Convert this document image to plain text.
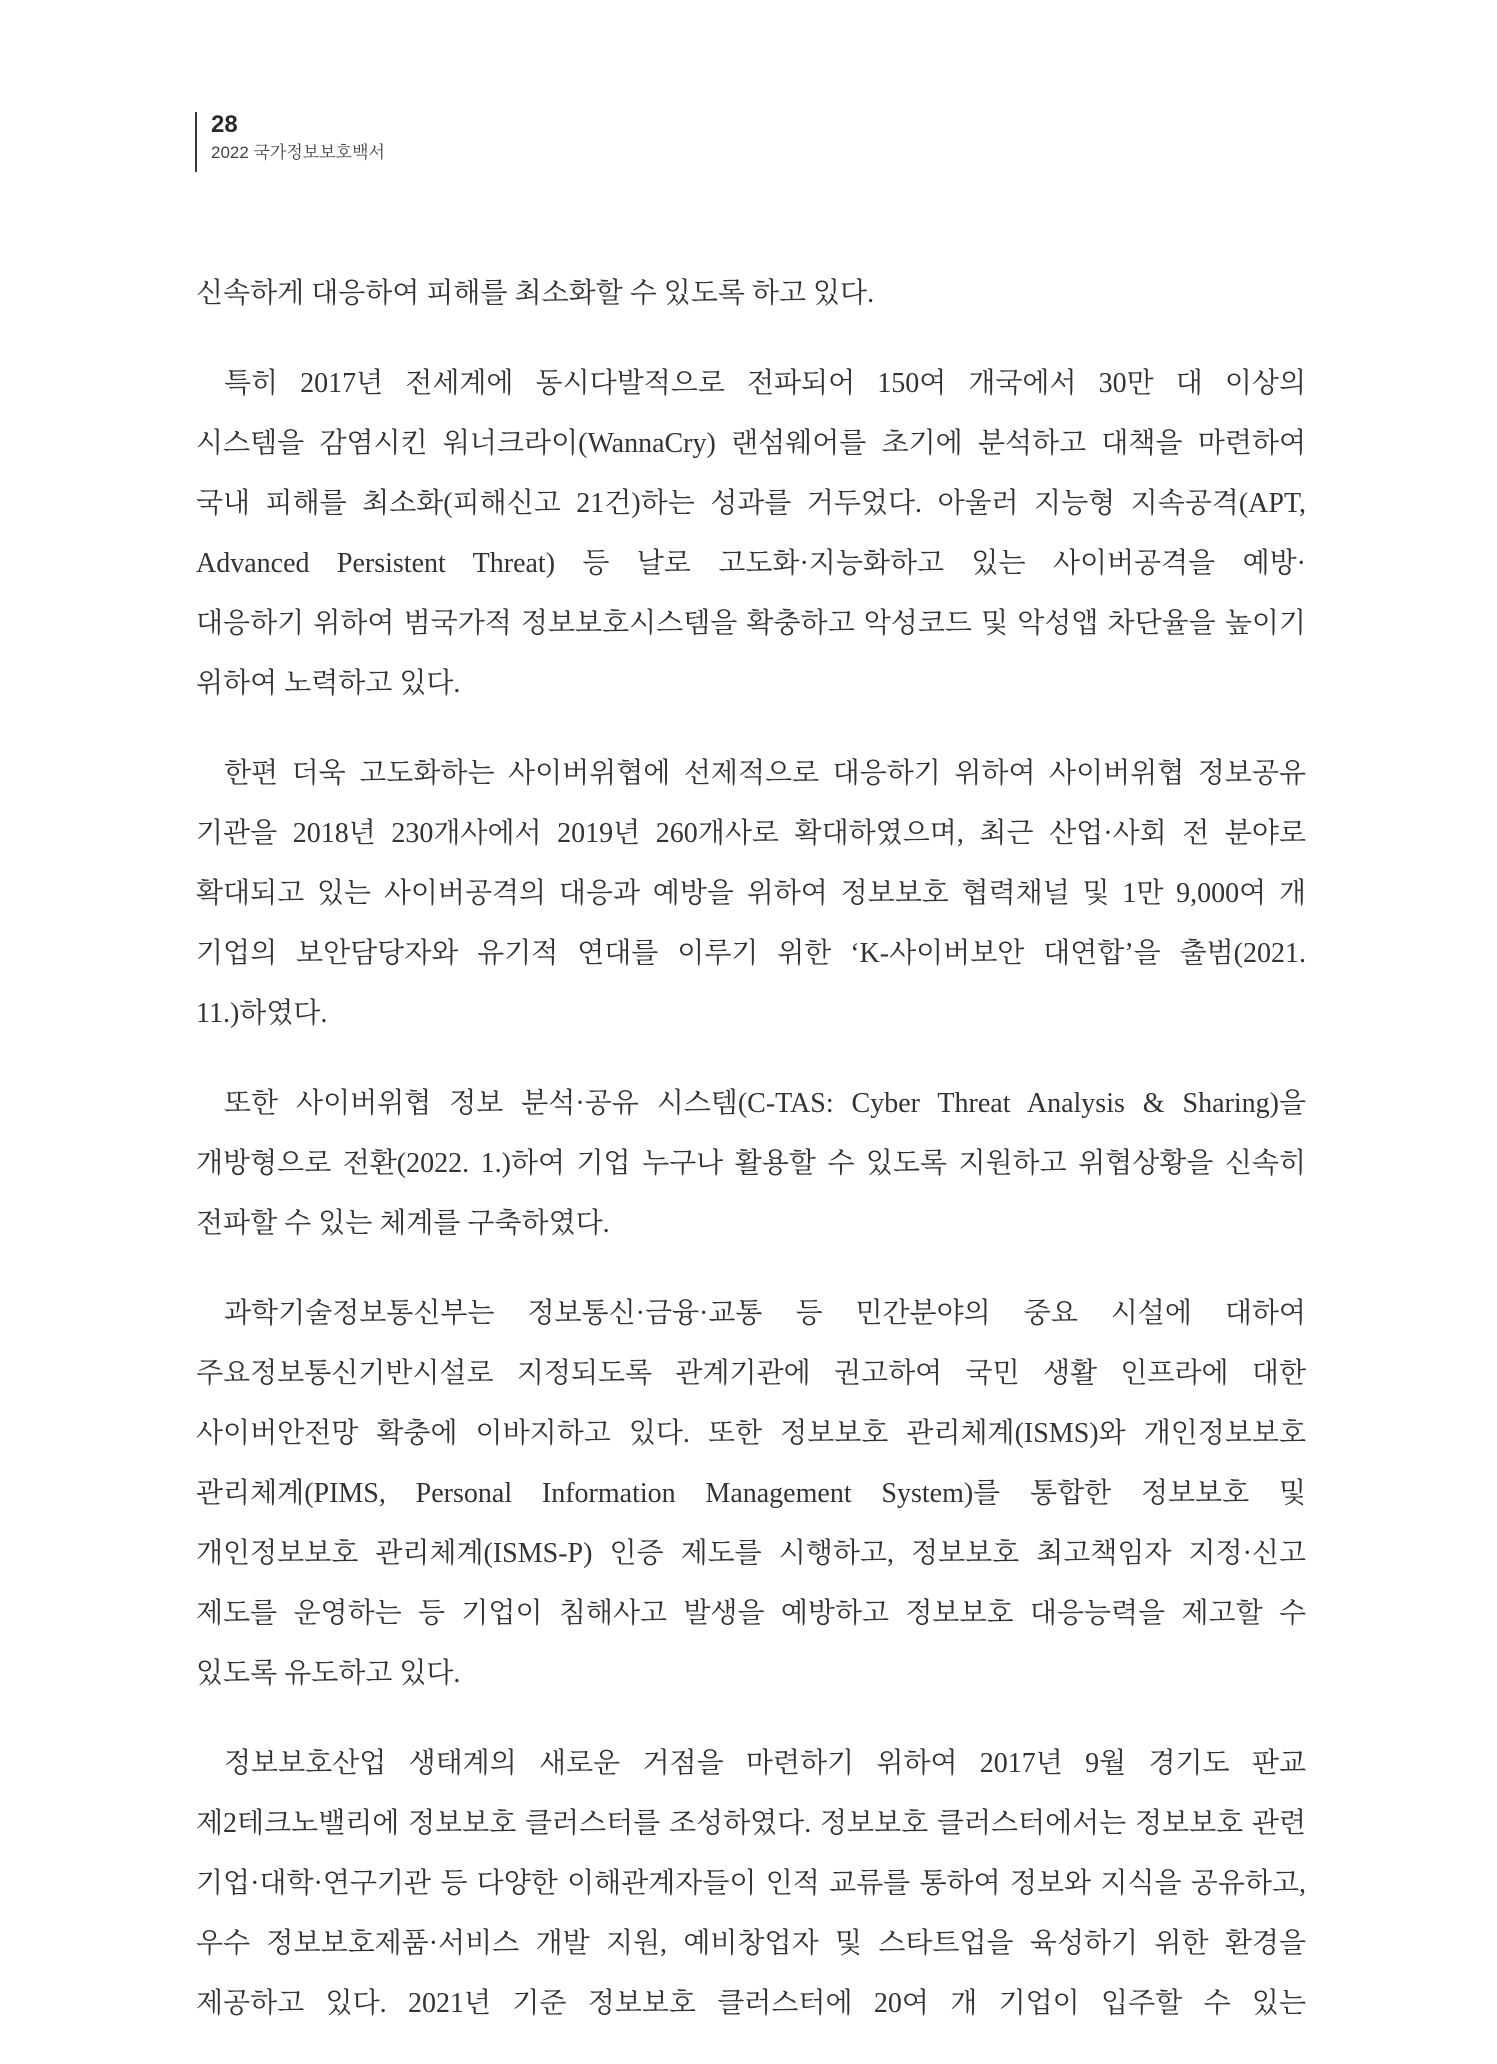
28
2022 국가정보보호백서
신속하게 대응하여 피해를 최소화할 수 있도록 하고 있다.
특히 2017년 전세계에 동시다발적으로 전파되어 150여 개국에서 30만 대 이상의
시스템을 감염시킨 워너크라이(WannaCry) 랜섬웨어를 초기에 분석하고 대책을 마련하여
국내 피해를 최소화(피해신고 21건)하는 성과를 거두었다. 아울러 지능형 지속공격(APT,
Advanced Persistent Threat) 등 날로 고도화·지능화하고 있는 사이버공격을 예방·
대응하기 위하여 범국가적 정보보호시스템을 확충하고 악성코드 및 악성앱 차단율을 높이기
위하여 노력하고 있다.
한편 더욱 고도화하는 사이버위협에 선제적으로 대응하기 위하여 사이버위협 정보공유
기관을 2018년 230개사에서 2019년 260개사로 확대하였으며, 최근 산업·사회 전 분야로
확대되고 있는 사이버공격의 대응과 예방을 위하여 정보보호 협력채널 및 1만 9,000여 개
기업의 보안담당자와 유기적 연대를 이루기 위한 ‘K-사이버보안 대연합’을 출범(2021.
11.)하였다.
또한 사이버위협 정보 분석·공유 시스템(C-TAS: Cyber Threat Analysis & Sharing)을
개방형으로 전환(2022. 1.)하여 기업 누구나 활용할 수 있도록 지원하고 위협상황을 신속히
전파할 수 있는 체계를 구축하였다.
과학기술정보통신부는 정보통신·금융·교통 등 민간분야의 중요 시설에 대하여
주요정보통신기반시설로 지정되도록 관계기관에 권고하여 국민 생활 인프라에 대한
사이버안전망 확충에 이바지하고 있다. 또한 정보보호 관리체계(ISMS)와 개인정보보호
관리체계(PIMS, Personal Information Management System)를 통합한 정보보호 및
개인정보보호 관리체계(ISMS-P) 인증 제도를 시행하고, 정보보호 최고책임자 지정·신고
제도를 운영하는 등 기업이 침해사고 발생을 예방하고 정보보호 대응능력을 제고할 수
있도록 유도하고 있다.
정보보호산업 생태계의 새로운 거점을 마련하기 위하여 2017년 9월 경기도 판교
제2테크노밸리에 정보보호 클러스터를 조성하였다. 정보보호 클러스터에서는 정보보호 관련
기업·대학·연구기관 등 다양한 이해관계자들이 인적 교류를 통하여 정보와 지식을 공유하고,
우수 정보보호제품·서비스 개발 지원, 예비창업자 및 스타트업을 육성하기 위한 환경을
제공하고 있다. 2021년 기준 정보보호 클러스터에 20여 개 기업이 입주할 수 있는
